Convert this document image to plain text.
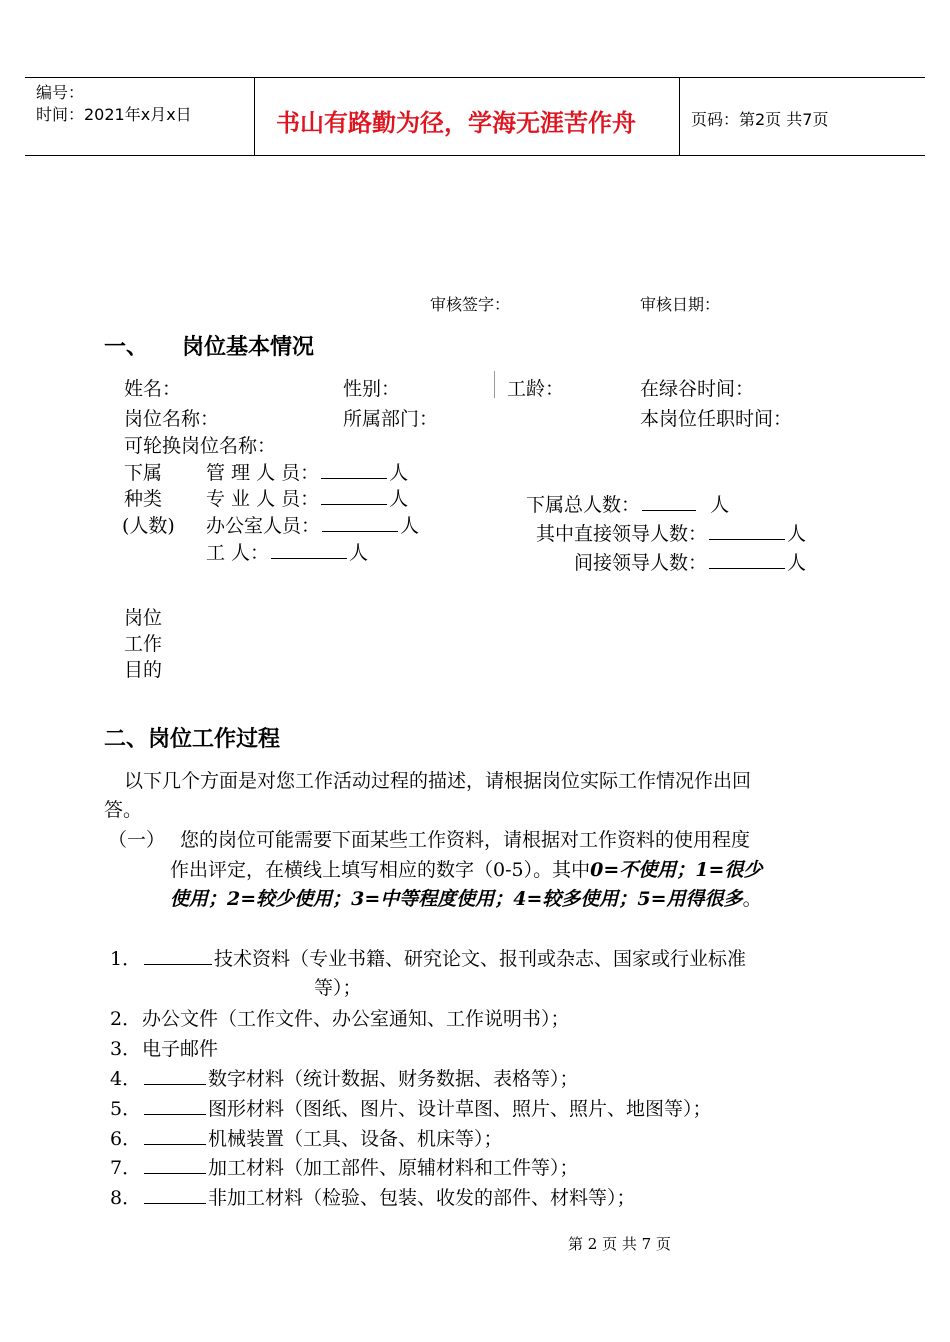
编号：
时间：2021年x月x日	书山有路勤为径，学海无涯苦作舟	页码：第2页 共7页
审核签字：	审核日期：
一、 岗位基本情况
姓名：	性别：	工龄：	在绿谷时间：
岗位名称：	所属部门：	本岗位任职时间：
可轮换岗位名称：
下属
种类
(人数)
管 理 人 员：	人
专 业 人 员：	人
办公室人员：	人
工 人：	人
下属总人数：	人
其中直接领导人数：	人
间接领导人数：	人
岗位
工作
目的
二、岗位工作过程
以下几个方面是对您工作活动过程的描述，请根据岗位实际工作情况作出回
答。
（一） 您的岗位可能需要下面某些工作资料，请根据对工作资料的使用程度
作出评定，在横线上填写相应的数字（0-5）。其中0=不使用；1=很少
使用；2=较少使用；3=中等程度使用；4=较多使用；5=用得很多。
1．	技术资料（专业书籍、研究论文、报刊或杂志、国家或行业标准
等）；
2．办公文件（工作文件、办公室通知、工作说明书）；
3．电子邮件
4．	数字材料（统计数据、财务数据、表格等）；
5．	图形材料（图纸、图片、设计草图、照片、照片、地图等）；
6．	机械装置（工具、设备、机床等）；
7．	加工材料（加工部件、原辅材料和工件等）；
8．	非加工材料（检验、包装、收发的部件、材料等）；
第 2 页 共 7 页
